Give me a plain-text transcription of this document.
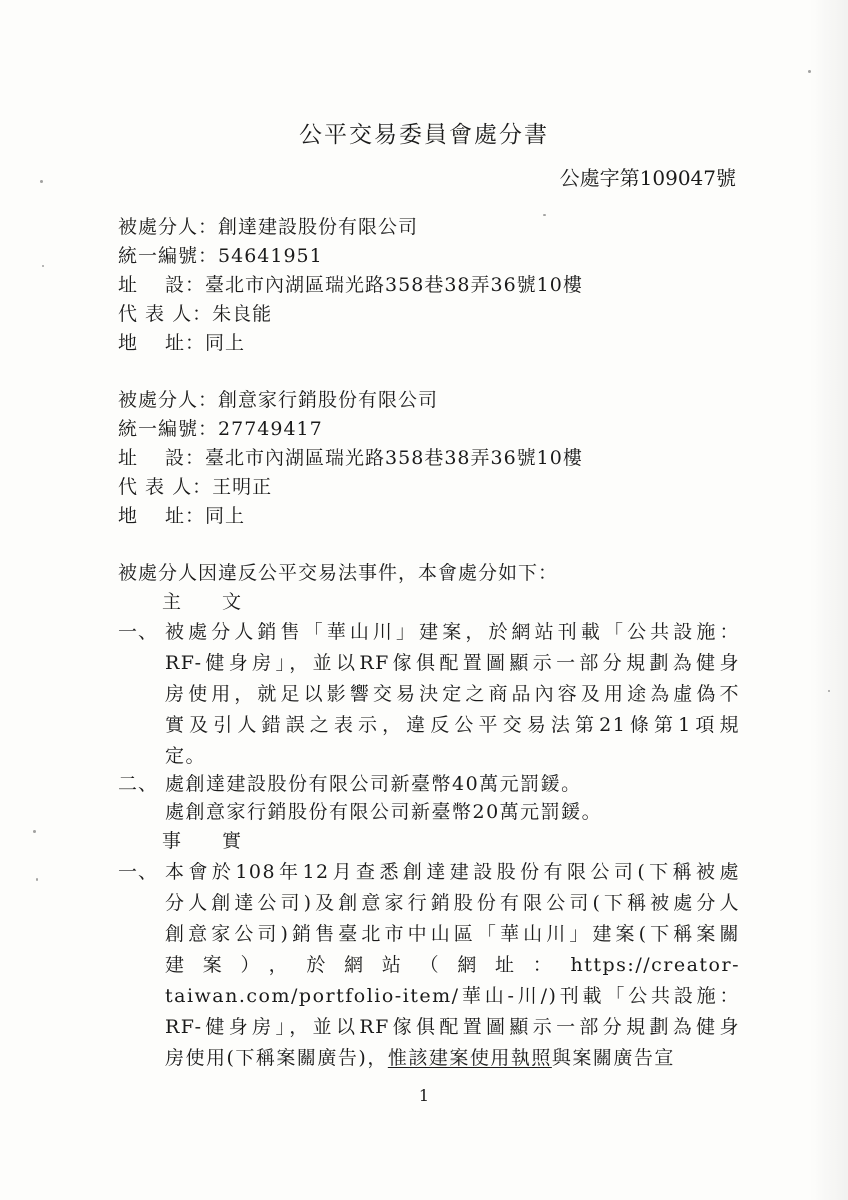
公平交易委員會處分書
公處字第109047號
被處分人：創達建設股份有限公司
統一編號：54641951
址　 設：臺北市內湖區瑞光路358巷38弄36號10樓
代 表 人：朱良能
地　 址：同上
被處分人：創意家行銷股份有限公司
統一編號：27749417
址　 設：臺北市內湖區瑞光路358巷38弄36號10樓
代 表 人：王明正
地　 址：同上
被處分人因違反公平交易法事件，本會處分如下：
主　　文
一、 被處分人銷售「華山川」建案，於網站刊載「公共設施：
RF-健身房」，並以RF傢俱配置圖顯示一部分規劃為健身
房使用，就足以影響交易決定之商品內容及用途為虛偽不
實及引人錯誤之表示，違反公平交易法第21條第1項規
定。
二、 處創達建設股份有限公司新臺幣40萬元罰鍰。
處創意家行銷股份有限公司新臺幣20萬元罰鍰。
事　　實
一、 本會於108年12月查悉創達建設股份有限公司(下稱被處
分人創達公司)及創意家行銷股份有限公司(下稱被處分人
創意家公司)銷售臺北市中山區「華山川」建案(下稱案關
建案），於網站（網址：https://creator-
taiwan.com/portfolio-item/華山-川/)刊載「公共設施：
RF-健身房」，並以RF傢俱配置圖顯示一部分規劃為健身
房使用(下稱案關廣告)，惟該建案使用執照與案關廣告宣
1
